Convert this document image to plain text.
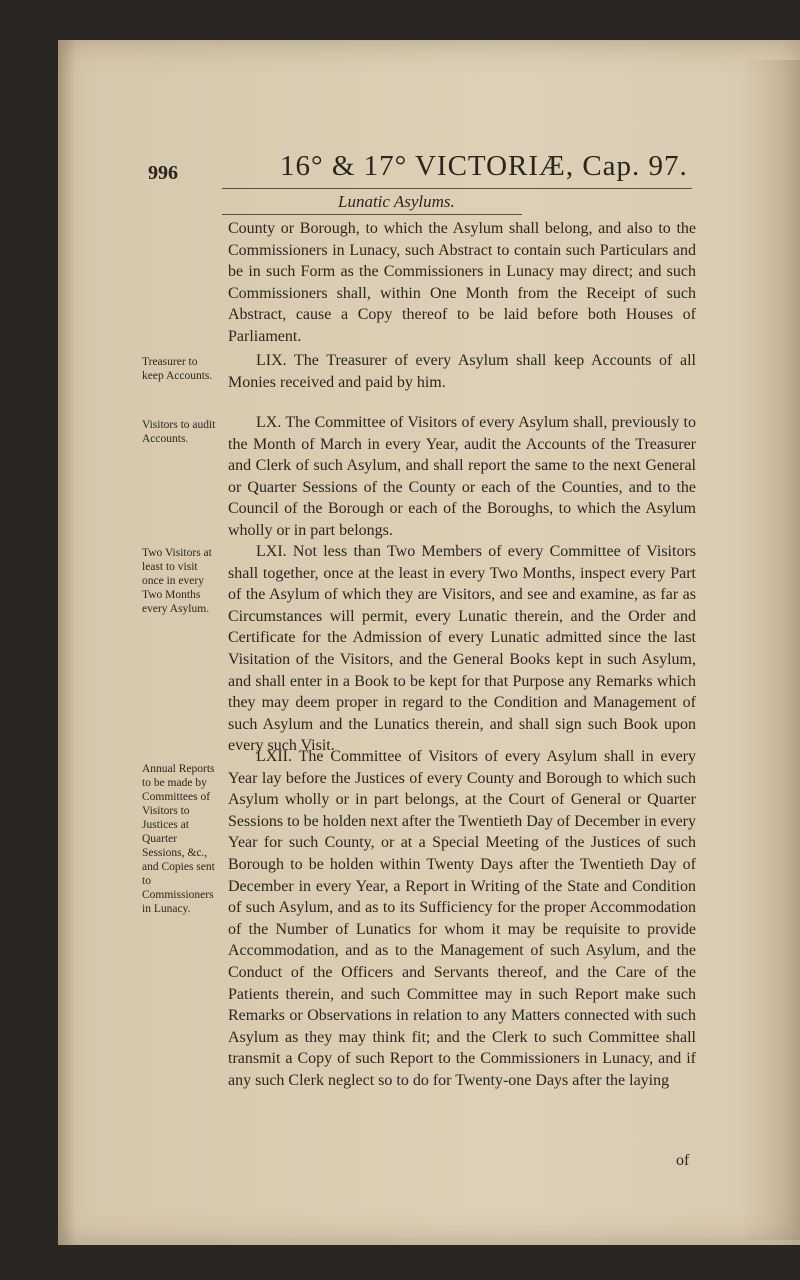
996	16° & 17° VICTORIÆ, Cap. 97.
Lunatic Asylums.

County or Borough, to which the Asylum shall belong, and also to the Commissioners in Lunacy, such Abstract to contain such Particulars and be in such Form as the Commissioners in Lunacy may direct; and such Commissioners shall, within One Month from the Receipt of such Abstract, cause a Copy thereof to be laid before both Houses of Parliament.

Treasurer to keep Accounts.

LIX. The Treasurer of every Asylum shall keep Accounts of all Monies received and paid by him.

Visitors to audit Accounts.

LX. The Committee of Visitors of every Asylum shall, previously to the Month of March in every Year, audit the Accounts of the Treasurer and Clerk of such Asylum, and shall report the same to the next General or Quarter Sessions of the County or each of the Counties, and to the Council of the Borough or each of the Boroughs, to which the Asylum wholly or in part belongs.

Two Visitors at least to visit once in every Two Months every Asylum.

LXI. Not less than Two Members of every Committee of Visitors shall together, once at the least in every Two Months, inspect every Part of the Asylum of which they are Visitors, and see and examine, as far as Circumstances will permit, every Lunatic therein, and the Order and Certificate for the Admission of every Lunatic admitted since the last Visitation of the Visitors, and the General Books kept in such Asylum, and shall enter in a Book to be kept for that Purpose any Remarks which they may deem proper in regard to the Condition and Management of such Asylum and the Lunatics therein, and shall sign such Book upon every such Visit.

Annual Reports to be made by Committees of Visitors to Justices at Quarter Sessions, &c., and Copies sent to Commissioners in Lunacy.

LXII. The Committee of Visitors of every Asylum shall in every Year lay before the Justices of every County and Borough to which such Asylum wholly or in part belongs, at the Court of General or Quarter Sessions to be holden next after the Twentieth Day of December in every Year for such County, or at a Special Meeting of the Justices of such Borough to be holden within Twenty Days after the Twentieth Day of December in every Year, a Report in Writing of the State and Condition of such Asylum, and as to its Sufficiency for the proper Accommodation of the Number of Lunatics for whom it may be requisite to provide Accommodation, and as to the Management of such Asylum, and the Conduct of the Officers and Servants thereof, and the Care of the Patients therein, and such Committee may in such Report make such Remarks or Observations in relation to any Matters connected with such Asylum as they may think fit; and the Clerk to such Committee shall transmit a Copy of such Report to the Commissioners in Lunacy, and if any such Clerk neglect so to do for Twenty-one Days after the laying

of
